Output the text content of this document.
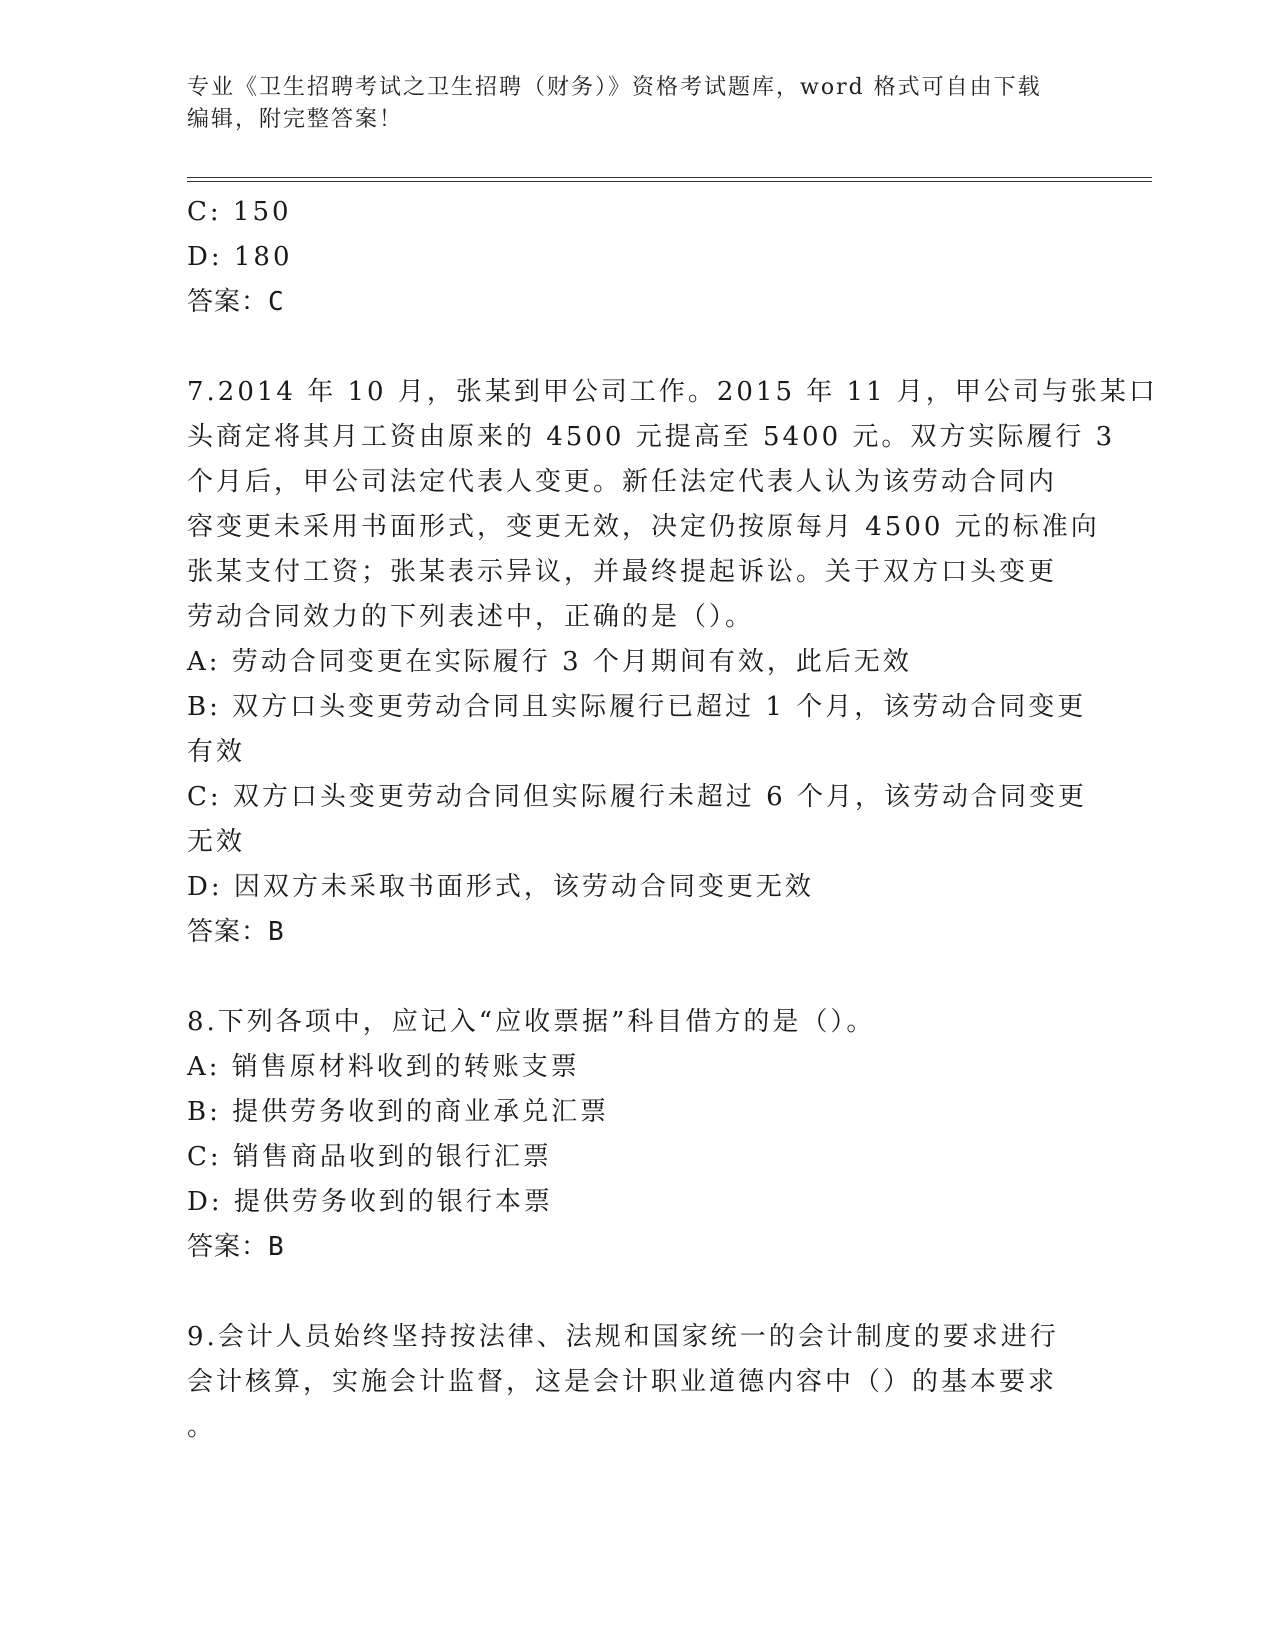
专业《卫生招聘考试之卫生招聘（财务）》资格考试题库，word 格式可自由下载
编辑，附完整答案！
C: 150
D: 180
答案：C
7.2014 年 10 月，张某到甲公司工作。2015 年 11 月，甲公司与张某口
头商定将其月工资由原来的 4500 元提高至 5400 元。双方实际履行 3
个月后，甲公司法定代表人变更。新任法定代表人认为该劳动合同内
容变更未采用书面形式，变更无效，决定仍按原每月 4500 元的标准向
张某支付工资；张某表示异议，并最终提起诉讼。关于双方口头变更
劳动合同效力的下列表述中，正确的是（）。
A: 劳动合同变更在实际履行 3 个月期间有效，此后无效
B: 双方口头变更劳动合同且实际履行已超过 1 个月，该劳动合同变更
有效
C: 双方口头变更劳动合同但实际履行未超过 6 个月，该劳动合同变更
无效
D: 因双方未采取书面形式，该劳动合同变更无效
答案：B
8.下列各项中，应记入“应收票据”科目借方的是（）。
A: 销售原材料收到的转账支票
B: 提供劳务收到的商业承兑汇票
C: 销售商品收到的银行汇票
D: 提供劳务收到的银行本票
答案：B
9.会计人员始终坚持按法律、法规和国家统一的会计制度的要求进行
会计核算，实施会计监督，这是会计职业道德内容中（）的基本要求
。
